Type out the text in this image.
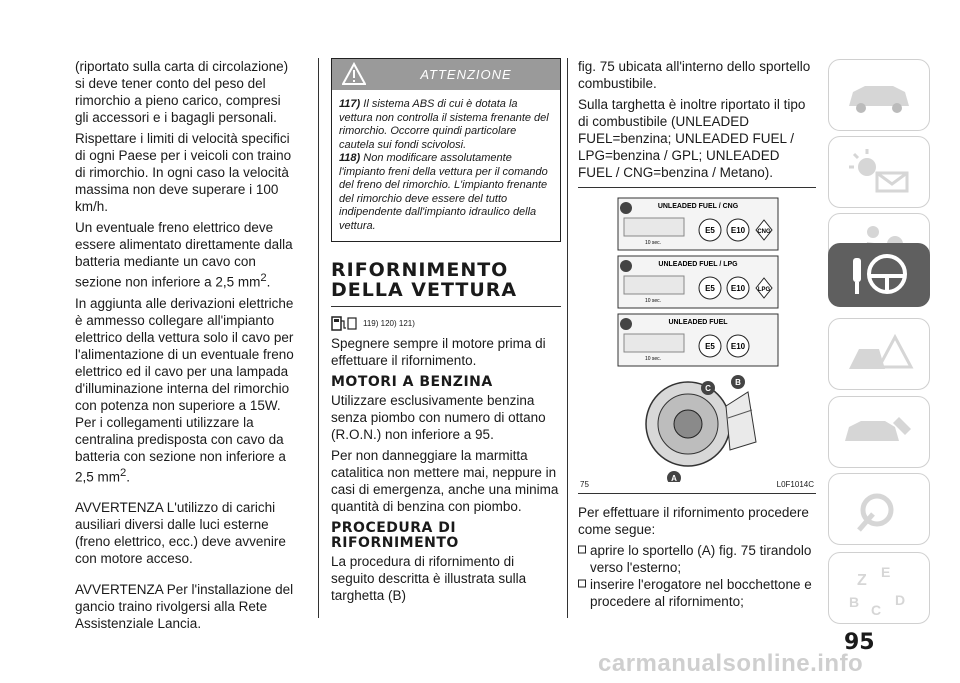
(riportato sulla carta di circolazione) si deve tener conto del peso del rimorchio a pieno carico, compresi gli accessori e i bagagli personali.

Rispettare i limiti di velocità specifici di ogni Paese per i veicoli con traino di rimorchio. In ogni caso la velocità massima non deve superare i 100 km/h.

Un eventuale freno elettrico deve essere alimentato direttamente dalla batteria mediante un cavo con sezione non inferiore a 2,5 $mm^2$.

In aggiunta alle derivazioni elettriche è ammesso collegare all'impianto elettrico della vettura solo il cavo per l'alimentazione di un eventuale freno elettrico ed il cavo per una lampada d'illuminazione interna del rimorchio con potenza non superiore a 15W. Per i collegamenti utilizzare la centralina predisposta con cavo da batteria con sezione non inferiore a 2,5 $mm^2$.

AVVERTENZA L'utilizzo di carichi ausiliari diversi dalle luci esterne (freno elettrico, ecc.) deve avvenire con motore acceso.

AVVERTENZA Per l'installazione del gancio traino rivolgersi alla Rete Assistenziale Lancia.

ATTENZIONE
117) Il sistema ABS di cui è dotata la vettura non controlla il sistema frenante del rimorchio. Occorre quindi particolare cautela sui fondi scivolosi.
118) Non modificare assolutamente l'impianto freni della vettura per il comando del freno del rimorchio. L'impianto frenante del rimorchio deve essere del tutto indipendente dall'impianto idraulico della vettura.
RIFORNIMENTO DELLA VETTURA
119) 120) 121)

Spegnere sempre il motore prima di effettuare il rifornimento.

MOTORI A BENZINA

Utilizzare esclusivamente benzina senza piombo con numero di ottano (R.O.N.) non inferiore a 95.

Per non danneggiare la marmitta catalitica non mettere mai, neppure in casi di emergenza, anche una minima quantità di benzina con piombo.

PROCEDURA DI RIFORNIMENTO

La procedura di rifornimento di seguito descritta è illustrata sulla targhetta (B)

fig. 75 ubicata all'interno dello sportello combustibile.

Sulla targhetta è inoltre riportato il tipo di combustibile (UNLEADED FUEL=benzina; UNLEADED FUEL / LPG=benzina / GPL; UNLEADED FUEL / CNG=benzina / Metano).

UNLEADED FUEL / CNG
10 sec.
E5 E10 CNG
UNLEADED FUEL / LPG
10 sec.
E5 E10 LPG
UNLEADED FUEL
10 sec.
E5 E10
C
B
A
75	L0F1014C

Per effettuare il rifornimento procedere come segue:

aprire lo sportello (A) fig. 75 tirandolo verso l'esterno;
inserire l'erogatore nel bocchettone e procedere al rifornimento;
Z E
B C
D
95
carmanualsonline.info
